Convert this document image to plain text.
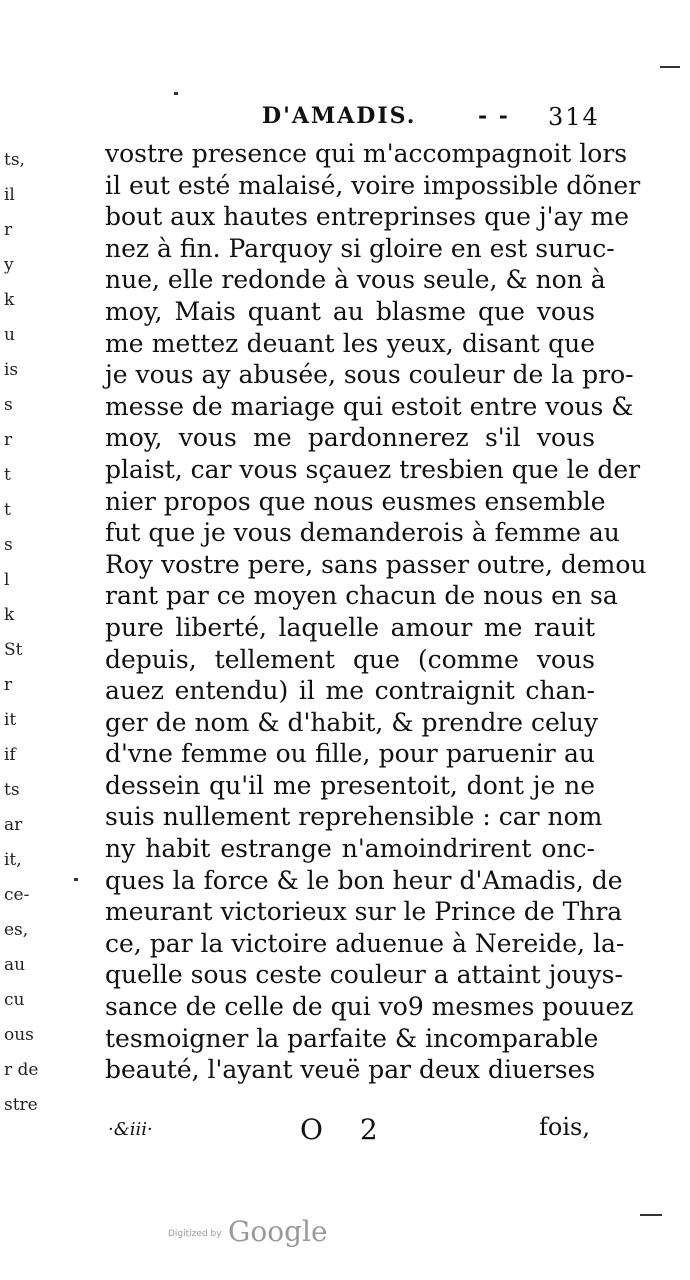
ts,
il
r
y
k
u
is
s
r
t
t
s
l
k
St
r
it
if
ts
ar
it,
ce-
es,
au
cu
ous
r de
stre
D'AMADIS.	- - 314
vostre presence qui m'accompagnoit lors
il eut esté malaisé, voire impossible dõner
bout aux hautes entreprinses que j'ay me
nez à fin. Parquoy si gloire en est suruc-
nue, elle redonde à vous seule, & non à
moy, Mais quant au blasme que vous
me mettez deuant les yeux, disant que
je vous ay abusée, sous couleur de la pro-
messe de mariage qui estoit entre vous &
moy, vous me pardonnerez s'il vous
plaist, car vous sçauez tresbien que le der
nier propos que nous eusmes ensemble
fut que je vous demanderois à femme au
Roy vostre pere, sans passer outre, demou
rant par ce moyen chacun de nous en sa
pure liberté, laquelle amour me rauit
depuis, tellement que (comme vous
auez entendu) il me contraignit chan-
ger de nom & d'habit, & prendre celuy
d'vne femme ou fille, pour paruenir au
dessein qu'il me presentoit, dont je ne
suis nullement reprehensible : car nom
ny habit estrange n'amoindrirent onc-
ques la force & le bon heur d'Amadis, de
meurant victorieux sur le Prince de Thra
ce, par la victoire aduenue à Nereide, la-
quelle sous ceste couleur a attaint jouys-
sance de celle de qui vo9 mesmes pouuez
tesmoigner la parfaite & incomparable
beauté, l'ayant veuë par deux diuerses
·&iii·	O 2	fois,
Digitized by Google
